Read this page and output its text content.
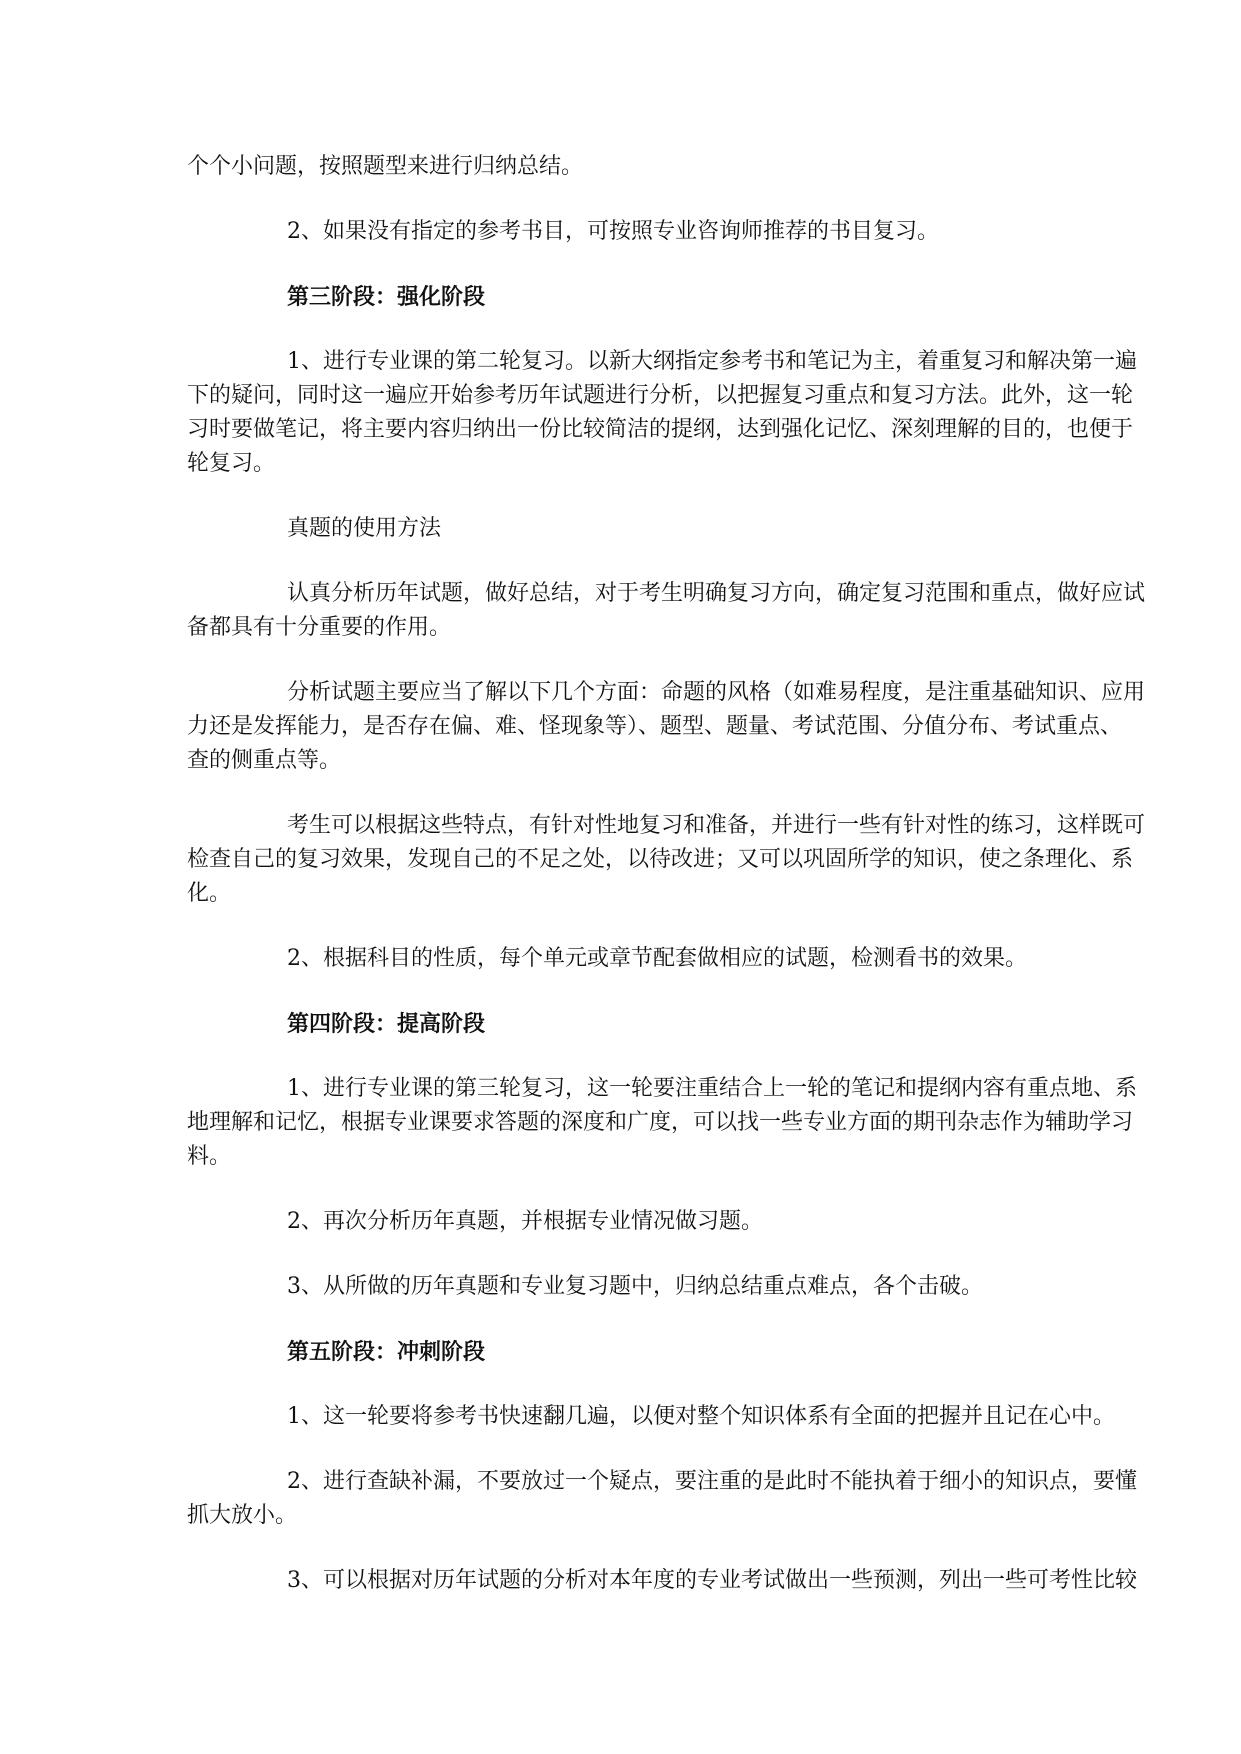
个个小问题，按照题型来进行归纳总结。

2、如果没有指定的参考书目，可按照专业咨询师推荐的书目复习。

第三阶段：强化阶段

1、进行专业课的第二轮复习。以新大纲指定参考书和笔记为主，着重复习和解决第一遍
下的疑问，同时这一遍应开始参考历年试题进行分析，以把握复习重点和复习方法。此外，这一轮
习时要做笔记，将主要内容归纳出一份比较简洁的提纲，达到强化记忆、深刻理解的目的，也便于
轮复习。

真题的使用方法

认真分析历年试题，做好总结，对于考生明确复习方向，确定复习范围和重点，做好应试
备都具有十分重要的作用。

分析试题主要应当了解以下几个方面：命题的风格（如难易程度，是注重基础知识、应用
力还是发挥能力，是否存在偏、难、怪现象等）、题型、题量、考试范围、分值分布、考试重点、
查的侧重点等。

考生可以根据这些特点，有针对性地复习和准备，并进行一些有针对性的练习，这样既可
检查自己的复习效果，发现自己的不足之处，以待改进；又可以巩固所学的知识，使之条理化、系
化。

2、根据科目的性质，每个单元或章节配套做相应的试题，检测看书的效果。

第四阶段：提高阶段

1、进行专业课的第三轮复习，这一轮要注重结合上一轮的笔记和提纲内容有重点地、系
地理解和记忆，根据专业课要求答题的深度和广度，可以找一些专业方面的期刊杂志作为辅助学习
料。

2、再次分析历年真题，并根据专业情况做习题。

3、从所做的历年真题和专业复习题中，归纳总结重点难点，各个击破。

第五阶段：冲刺阶段

1、这一轮要将参考书快速翻几遍，以便对整个知识体系有全面的把握并且记在心中。

2、进行查缺补漏，不要放过一个疑点，要注重的是此时不能执着于细小的知识点，要懂
抓大放小。

3、可以根据对历年试题的分析对本年度的专业考试做出一些预测，列出一些可考性比较
